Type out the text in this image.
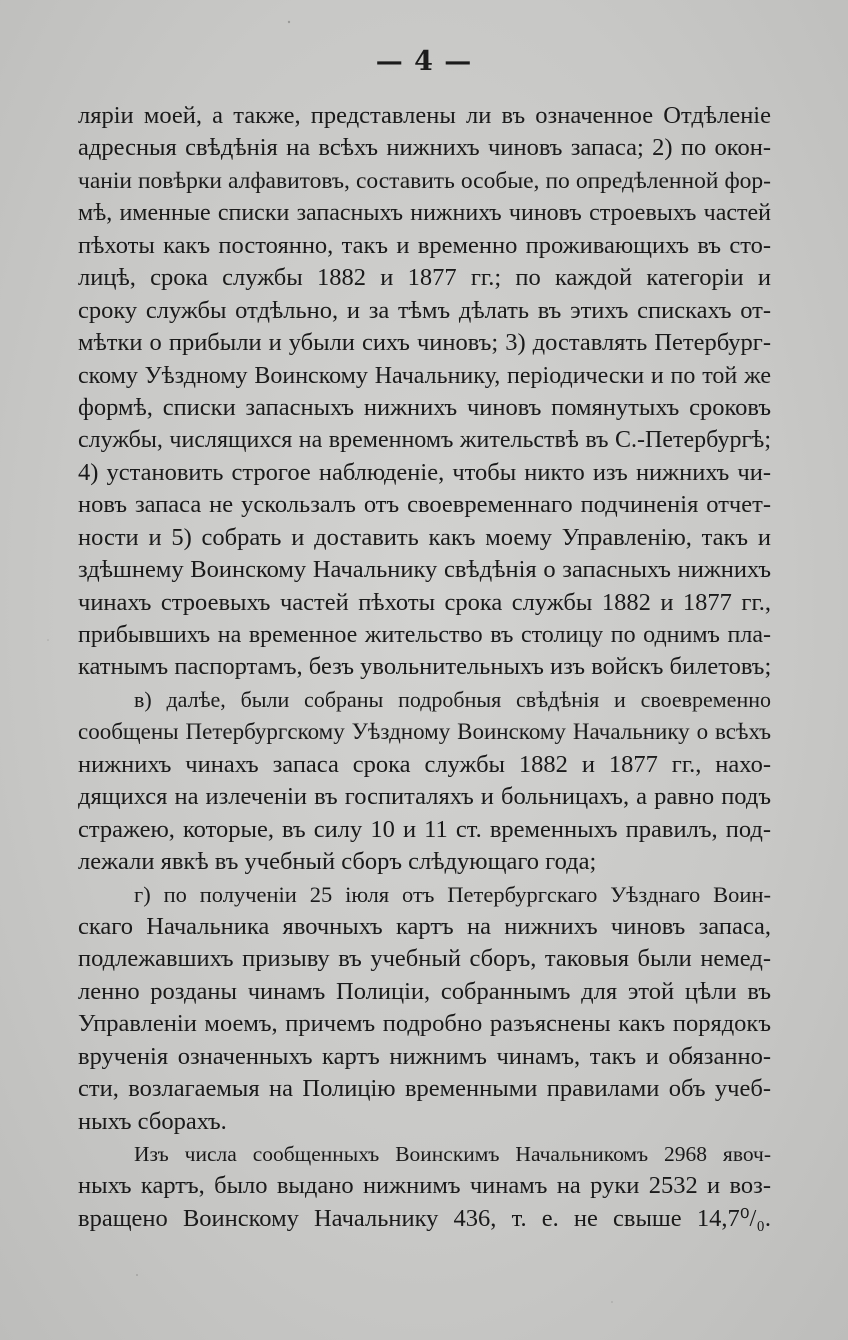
— 4 —
ляріи моей, а также, представлены ли въ означенное Отдѣленіе
адресныя свѣдѣнія на всѣхъ нижнихъ чиновъ запаса; 2) по окон-
чаніи повѣрки алфавитовъ, составить особые, по опредѣленной фор-
мѣ, именные списки запасныхъ нижнихъ чиновъ строевыхъ частей
пѣхоты какъ постоянно, такъ и временно проживающихъ въ сто-
лицѣ, срока службы 1882 и 1877 гг.; по каждой категоріи и
сроку службы отдѣльно, и за тѣмъ дѣлать въ этихъ спискахъ от-
мѣтки о прибыли и убыли сихъ чиновъ; 3) доставлять Петербург-
скому Уѣздному Воинскому Начальнику, періодически и по той же
формѣ, списки запасныхъ нижнихъ чиновъ помянутыхъ сроковъ
службы, числящихся на временномъ жительствѣ въ С.-Петербургѣ;
4) установить строгое наблюденіе, чтобы никто изъ нижнихъ чи-
новъ запаса не ускользалъ отъ своевременнаго подчиненія отчет-
ности и 5) собрать и доставить какъ моему Управленію, такъ и
здѣшнему Воинскому Начальнику свѣдѣнія о запасныхъ нижнихъ
чинахъ строевыхъ частей пѣхоты срока службы 1882 и 1877 гг.,
прибывшихъ на временное жительство въ столицу по однимъ пла-
катнымъ паспортамъ, безъ увольнительныхъ изъ войскъ билетовъ;
в) далѣе, были собраны подробныя свѣдѣнія и своевременно
сообщены Петербургскому Уѣздному Воинскому Начальнику о всѣхъ
нижнихъ чинахъ запаса срока службы 1882 и 1877 гг., нахо-
дящихся на излеченіи въ госпиталяхъ и больницахъ, а равно подъ
стражею, которые, въ силу 10 и 11 ст. временныхъ правилъ, под-
лежали явкѣ въ учебный сборъ слѣдующаго года;
г) по полученіи 25 іюля отъ Петербургскаго Уѣзднаго Воин-
скаго Начальника явочныхъ картъ на нижнихъ чиновъ запаса,
подлежавшихъ призыву въ учебный сборъ, таковыя были немед-
ленно розданы чинамъ Полиціи, собраннымъ для этой цѣли въ
Управленіи моемъ, причемъ подробно разъяснены какъ порядокъ
врученія означенныхъ картъ нижнимъ чинамъ, такъ и обязанно-
сти, возлагаемыя на Полицію временными правилами объ учеб-
ныхъ сборахъ.
Изъ числа сообщенныхъ Воинскимъ Начальникомъ 2968 явоч-
ныхъ картъ, было выдано нижнимъ чинамъ на руки 2532 и воз-
вращено Воинскому Начальнику 436, т. е. не свыше 14,7⁰/₀.
